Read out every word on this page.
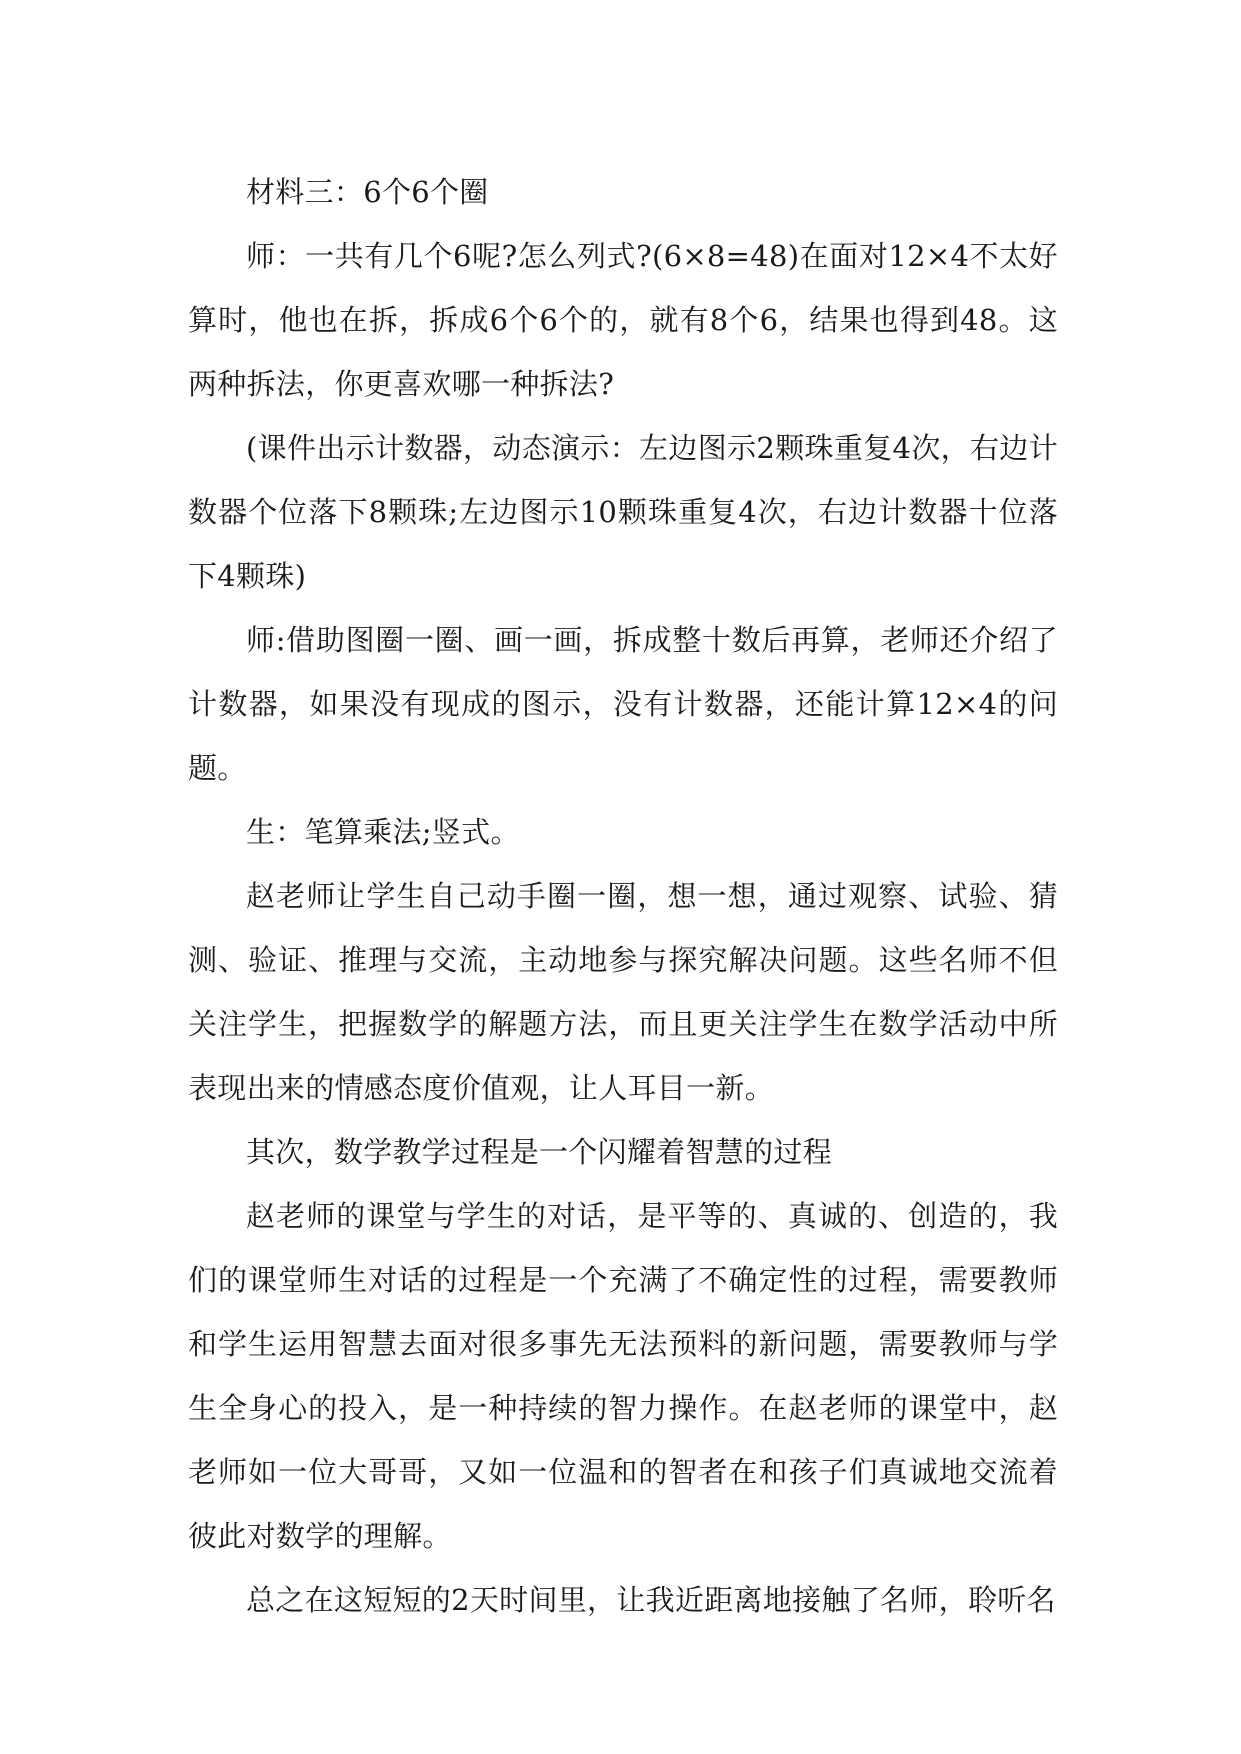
材料三：6个6个圈

师：一共有几个6呢?怎么列式?(6×8=48)在面对12×4不太好算时，他也在拆，拆成6个6个的，就有8个6，结果也得到48。这两种拆法，你更喜欢哪一种拆法?

(课件出示计数器，动态演示：左边图示2颗珠重复4次，右边计数器个位落下8颗珠;左边图示10颗珠重复4次，右边计数器十位落下4颗珠)

师:借助图圈一圈、画一画，拆成整十数后再算，老师还介绍了计数器，如果没有现成的图示，没有计数器，还能计算12×4的问题。

生：笔算乘法;竖式。

赵老师让学生自己动手圈一圈，想一想，通过观察、试验、猜测、验证、推理与交流，主动地参与探究解决问题。这些名师不但关注学生，把握数学的解题方法，而且更关注学生在数学活动中所表现出来的情感态度价值观，让人耳目一新。

其次，数学教学过程是一个闪耀着智慧的过程

赵老师的课堂与学生的对话，是平等的、真诚的、创造的，我们的课堂师生对话的过程是一个充满了不确定性的过程，需要教师和学生运用智慧去面对很多事先无法预料的新问题，需要教师与学生全身心的投入，是一种持续的智力操作。在赵老师的课堂中，赵老师如一位大哥哥，又如一位温和的智者在和孩子们真诚地交流着彼此对数学的理解。

总之在这短短的2天时间里，让我近距离地接触了名师，聆听名
